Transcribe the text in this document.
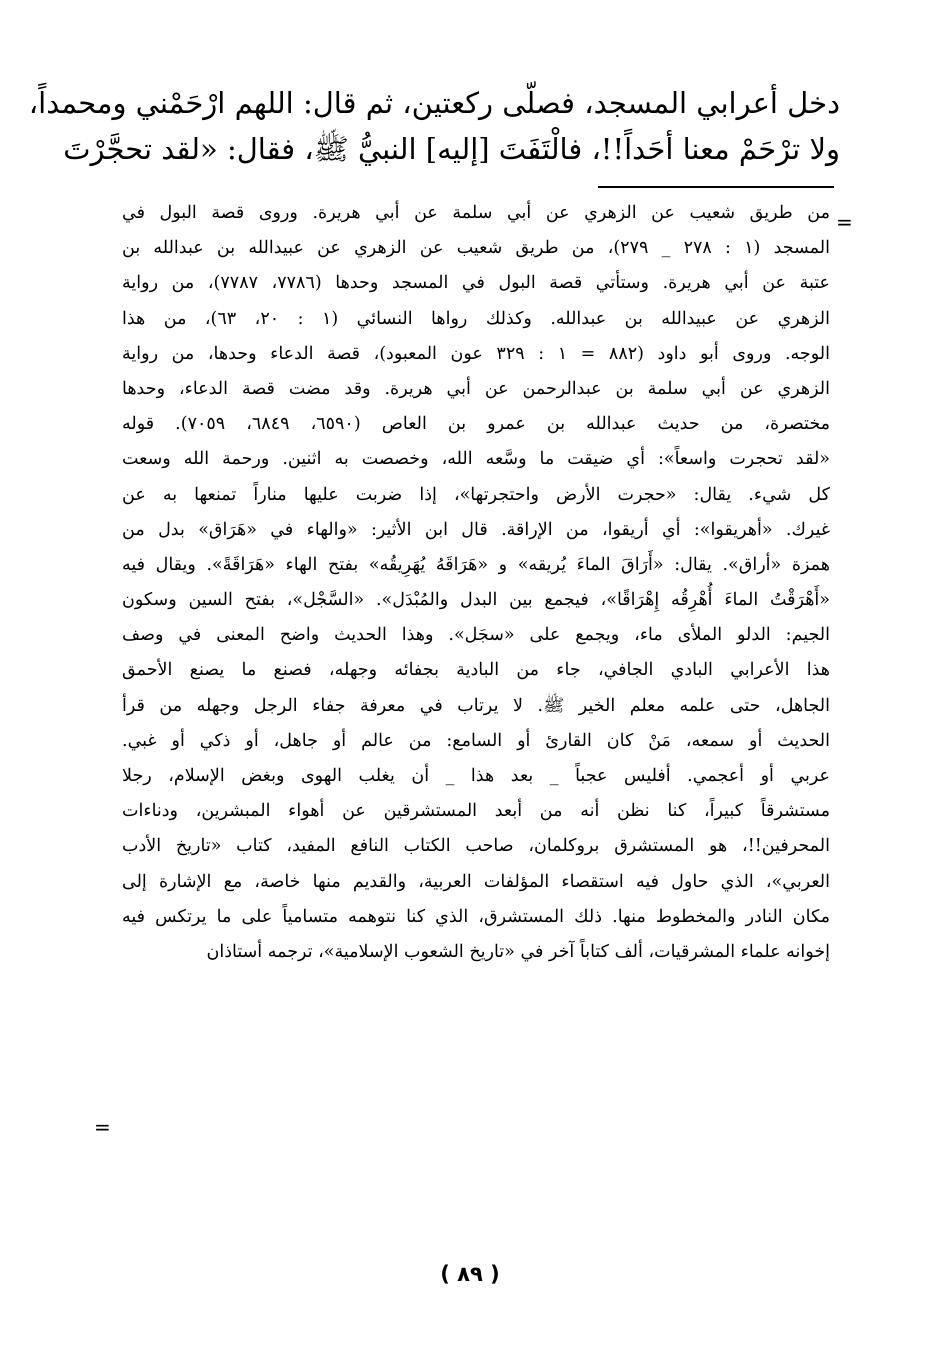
دخل أعرابي المسجد، فصلّى ركعتين، ثم قال: اللهم ارْحَمْني ومحمداً،
ولا ترْحَمْ معنا أحَداً!!، فالْتَفَتَ [إليه] النبيُّ ﷺ، فقال: «لقد تحجَّرْتَ

=
من طريق شعيب عن الزهري عن أبي سلمة عن أبي هريرة. وروى قصة البول في
المسجد (١ : ٢٧٨ _ ٢٧٩)، من طريق شعيب عن الزهري عن عبيدالله بن عبدالله بن
عتبة عن أبي هريرة. وستأتي قصة البول في المسجد وحدها (٧٧٨٦، ٧٧٨٧)، من رواية
الزهري عن عبيدالله بن عبدالله. وكذلك رواها النسائي (١ : ٢٠، ٦٣)، من هذا
الوجه. وروى أبو داود (٨٨٢ = ١ : ٣٢٩ عون المعبود)، قصة الدعاء وحدها، من رواية
الزهري عن أبي سلمة بن عبدالرحمن عن أبي هريرة. وقد مضت قصة الدعاء، وحدها
مختصرة، من حديث عبدالله بن عمرو بن العاص (٦٥٩٠، ٦٨٤٩، ٧٠٥٩). قوله
«لقد تحجرت واسعاً»: أي ضيقت ما وسَّعه الله، وخصصت به اثنين. ورحمة الله وسعت
كل شيء. يقال: «حجرت الأرض واحتجرتها»، إذا ضربت عليها مناراً تمنعها به عن
غيرك. «أهريقوا»: أي أريقوا، من الإراقة. قال ابن الأثير: «والهاء في «هَرَاق» بدل من
همزة «أراق». يقال: «أَرَاقَ الماءَ يُريقه» و «هَرَاقَهُ يُهَرِيقُه» بفتح الهاء «هَرَاقَةً». ويقال فيه
«أَهْرَقْتُ الماءَ أُهْرِقُه إِهْرَاقًا»، فيجمع بين البدل والمُبْدَل». «السَّجْل»، بفتح السين وسكون
الجيم: الدلو الملأى ماء، ويجمع على «سجَل». وهذا الحديث واضح المعنى في وصف
هذا الأعرابي البادي الجافي، جاء من البادية بجفائه وجهله، فصنع ما يصنع الأحمق
الجاهل، حتى علمه معلم الخير ﷺ. لا يرتاب في معرفة جفاء الرجل وجهله من قرأ
الحديث أو سمعه، مَنْ كان القارئ أو السامع: من عالم أو جاهل، أو ذكي أو غبي.
عربي أو أعجمي. أفليس عجباً _ بعد هذا _ أن يغلب الهوى وبغض الإسلام، رجلا
مستشرقاً كبيراً، كنا نظن أنه من أبعد المستشرقين عن أهواء المبشرين، ودناءات
المحرفين!!، هو المستشرق بروكلمان، صاحب الكتاب النافع المفيد، كتاب «تاريخ الأدب
العربي»، الذي حاول فيه استقصاء المؤلفات العربية، والقديم منها خاصة، مع الإشارة إلى
مكان النادر والمخطوط منها. ذلك المستشرق، الذي كنا نتوهمه متسامياً على ما يرتكس فيه
إخوانه علماء المشرقيات، ألف كتاباً آخر في «تاريخ الشعوب الإسلامية»، ترجمه أستاذان
=
( ٨٩ )
